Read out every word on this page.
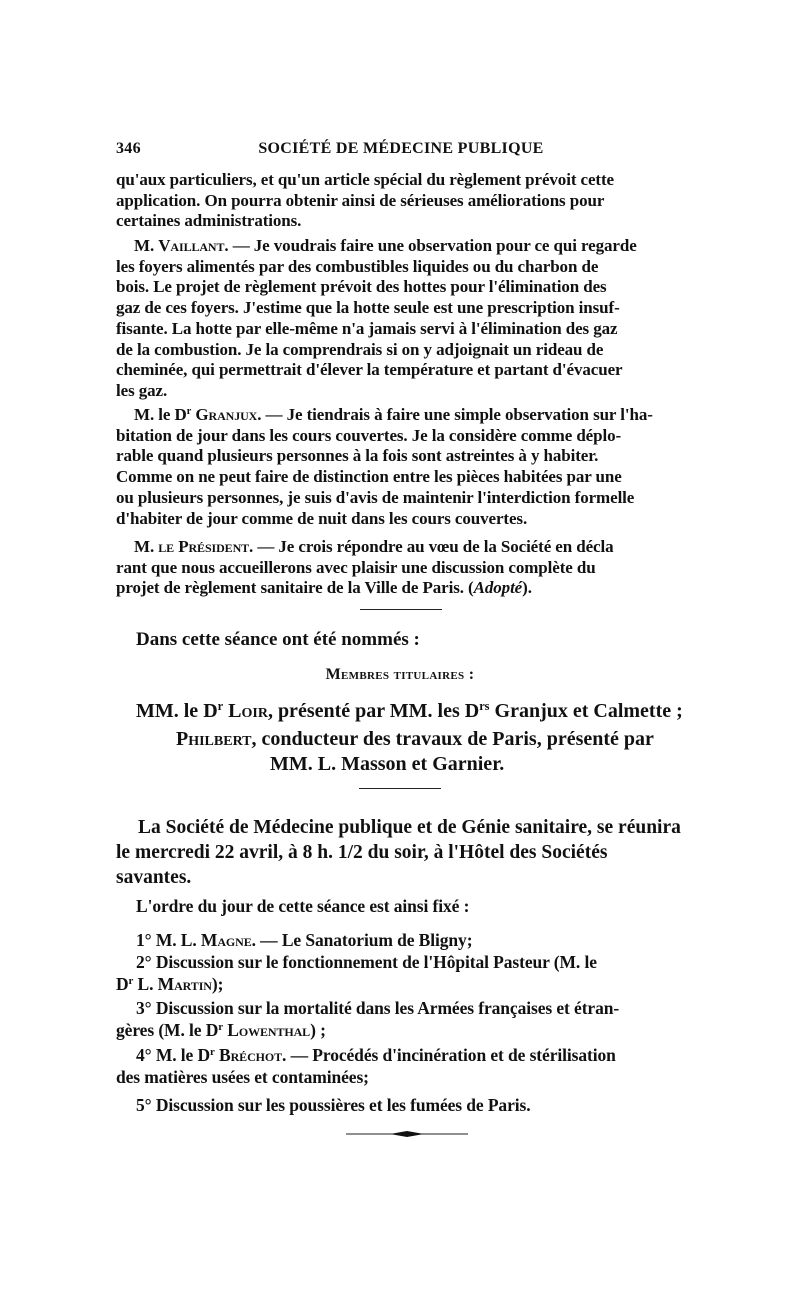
346	SOCIÉTÉ DE MÉDECINE PUBLIQUE
qu'aux particuliers, et qu'un article spécial du règlement prévoit cette
application. On pourra obtenir ainsi de sérieuses améliorations pour
certaines administrations.
M. Vaillant. — Je voudrais faire une observation pour ce qui regarde
les foyers alimentés par des combustibles liquides ou du charbon de
bois. Le projet de règlement prévoit des hottes pour l'élimination des
gaz de ces foyers. J'estime que la hotte seule est une prescription insuf-
fisante. La hotte par elle-même n'a jamais servi à l'élimination des gaz
de la combustion. Je la comprendrais si on y adjoignait un rideau de
cheminée, qui permettrait d'élever la température et partant d'évacuer
les gaz.
M. le $D^r$ Granjux. — Je tiendrais à faire une simple observation sur l'ha-
bitation de jour dans les cours couvertes. Je la considère comme déplo-
rable quand plusieurs personnes à la fois sont astreintes à y habiter.
Comme on ne peut faire de distinction entre les pièces habitées par une
ou plusieurs personnes, je suis d'avis de maintenir l'interdiction formelle
d'habiter de jour comme de nuit dans les cours couvertes.
M. le Président. — Je crois répondre au vœu de la Société en décla
rant que nous accueillerons avec plaisir une discussion complète du
projet de règlement sanitaire de la Ville de Paris. (Adopté).
Dans cette séance ont été nommés :
Membres titulaires :
MM. le $D^r$ Loir, présenté par MM. les $D^{rs}$ Granjux et Calmette ;
Philbert, conducteur des travaux de Paris, présenté par
MM. L. Masson et Garnier.
La Société de Médecine publique et de Génie sanitaire, se réunira
le mercredi 22 avril, à 8 h. 1/2 du soir, à l'Hôtel des Sociétés
savantes.
L'ordre du jour de cette séance est ainsi fixé :
1° M. L. Magne. — Le Sanatorium de Bligny;
2° Discussion sur le fonctionnement de l'Hôpital Pasteur (M. le
$D^r$ L. Martin);
3° Discussion sur la mortalité dans les Armées françaises et étran-
gères (M. le $D^r$ Lowenthal) ;
4° M. le $D^r$ Bréchot. — Procédés d'incinération et de stérilisation
des matières usées et contaminées;
5° Discussion sur les poussières et les fumées de Paris.
